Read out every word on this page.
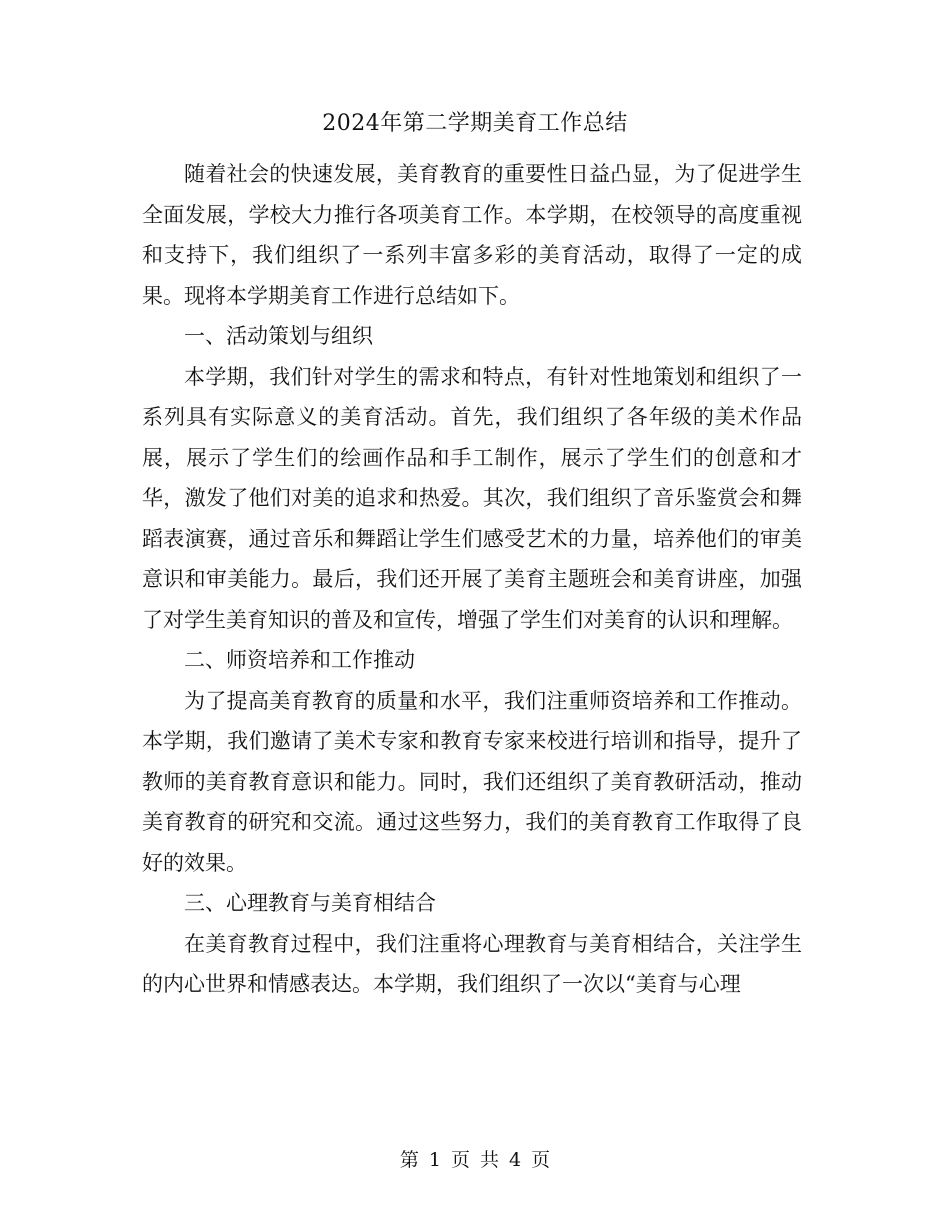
2024年第二学期美育工作总结

随着社会的快速发展，美育教育的重要性日益凸显，为了促进学生全面发展，学校大力推行各项美育工作。本学期，在校领导的高度重视和支持下，我们组织了一系列丰富多彩的美育活动，取得了一定的成果。现将本学期美育工作进行总结如下。

一、活动策划与组织

本学期，我们针对学生的需求和特点，有针对性地策划和组织了一系列具有实际意义的美育活动。首先，我们组织了各年级的美术作品展，展示了学生们的绘画作品和手工制作，展示了学生们的创意和才华，激发了他们对美的追求和热爱。其次，我们组织了音乐鉴赏会和舞蹈表演赛，通过音乐和舞蹈让学生们感受艺术的力量，培养他们的审美意识和审美能力。最后，我们还开展了美育主题班会和美育讲座，加强了对学生美育知识的普及和宣传，增强了学生们对美育的认识和理解。

二、师资培养和工作推动

为了提高美育教育的质量和水平，我们注重师资培养和工作推动。本学期，我们邀请了美术专家和教育专家来校进行培训和指导，提升了教师的美育教育意识和能力。同时，我们还组织了美育教研活动，推动美育教育的研究和交流。通过这些努力，我们的美育教育工作取得了良好的效果。

三、心理教育与美育相结合

在美育教育过程中，我们注重将心理教育与美育相结合，关注学生的内心世界和情感表达。本学期，我们组织了一次以“美育与心理

第 1 页 共 4 页
